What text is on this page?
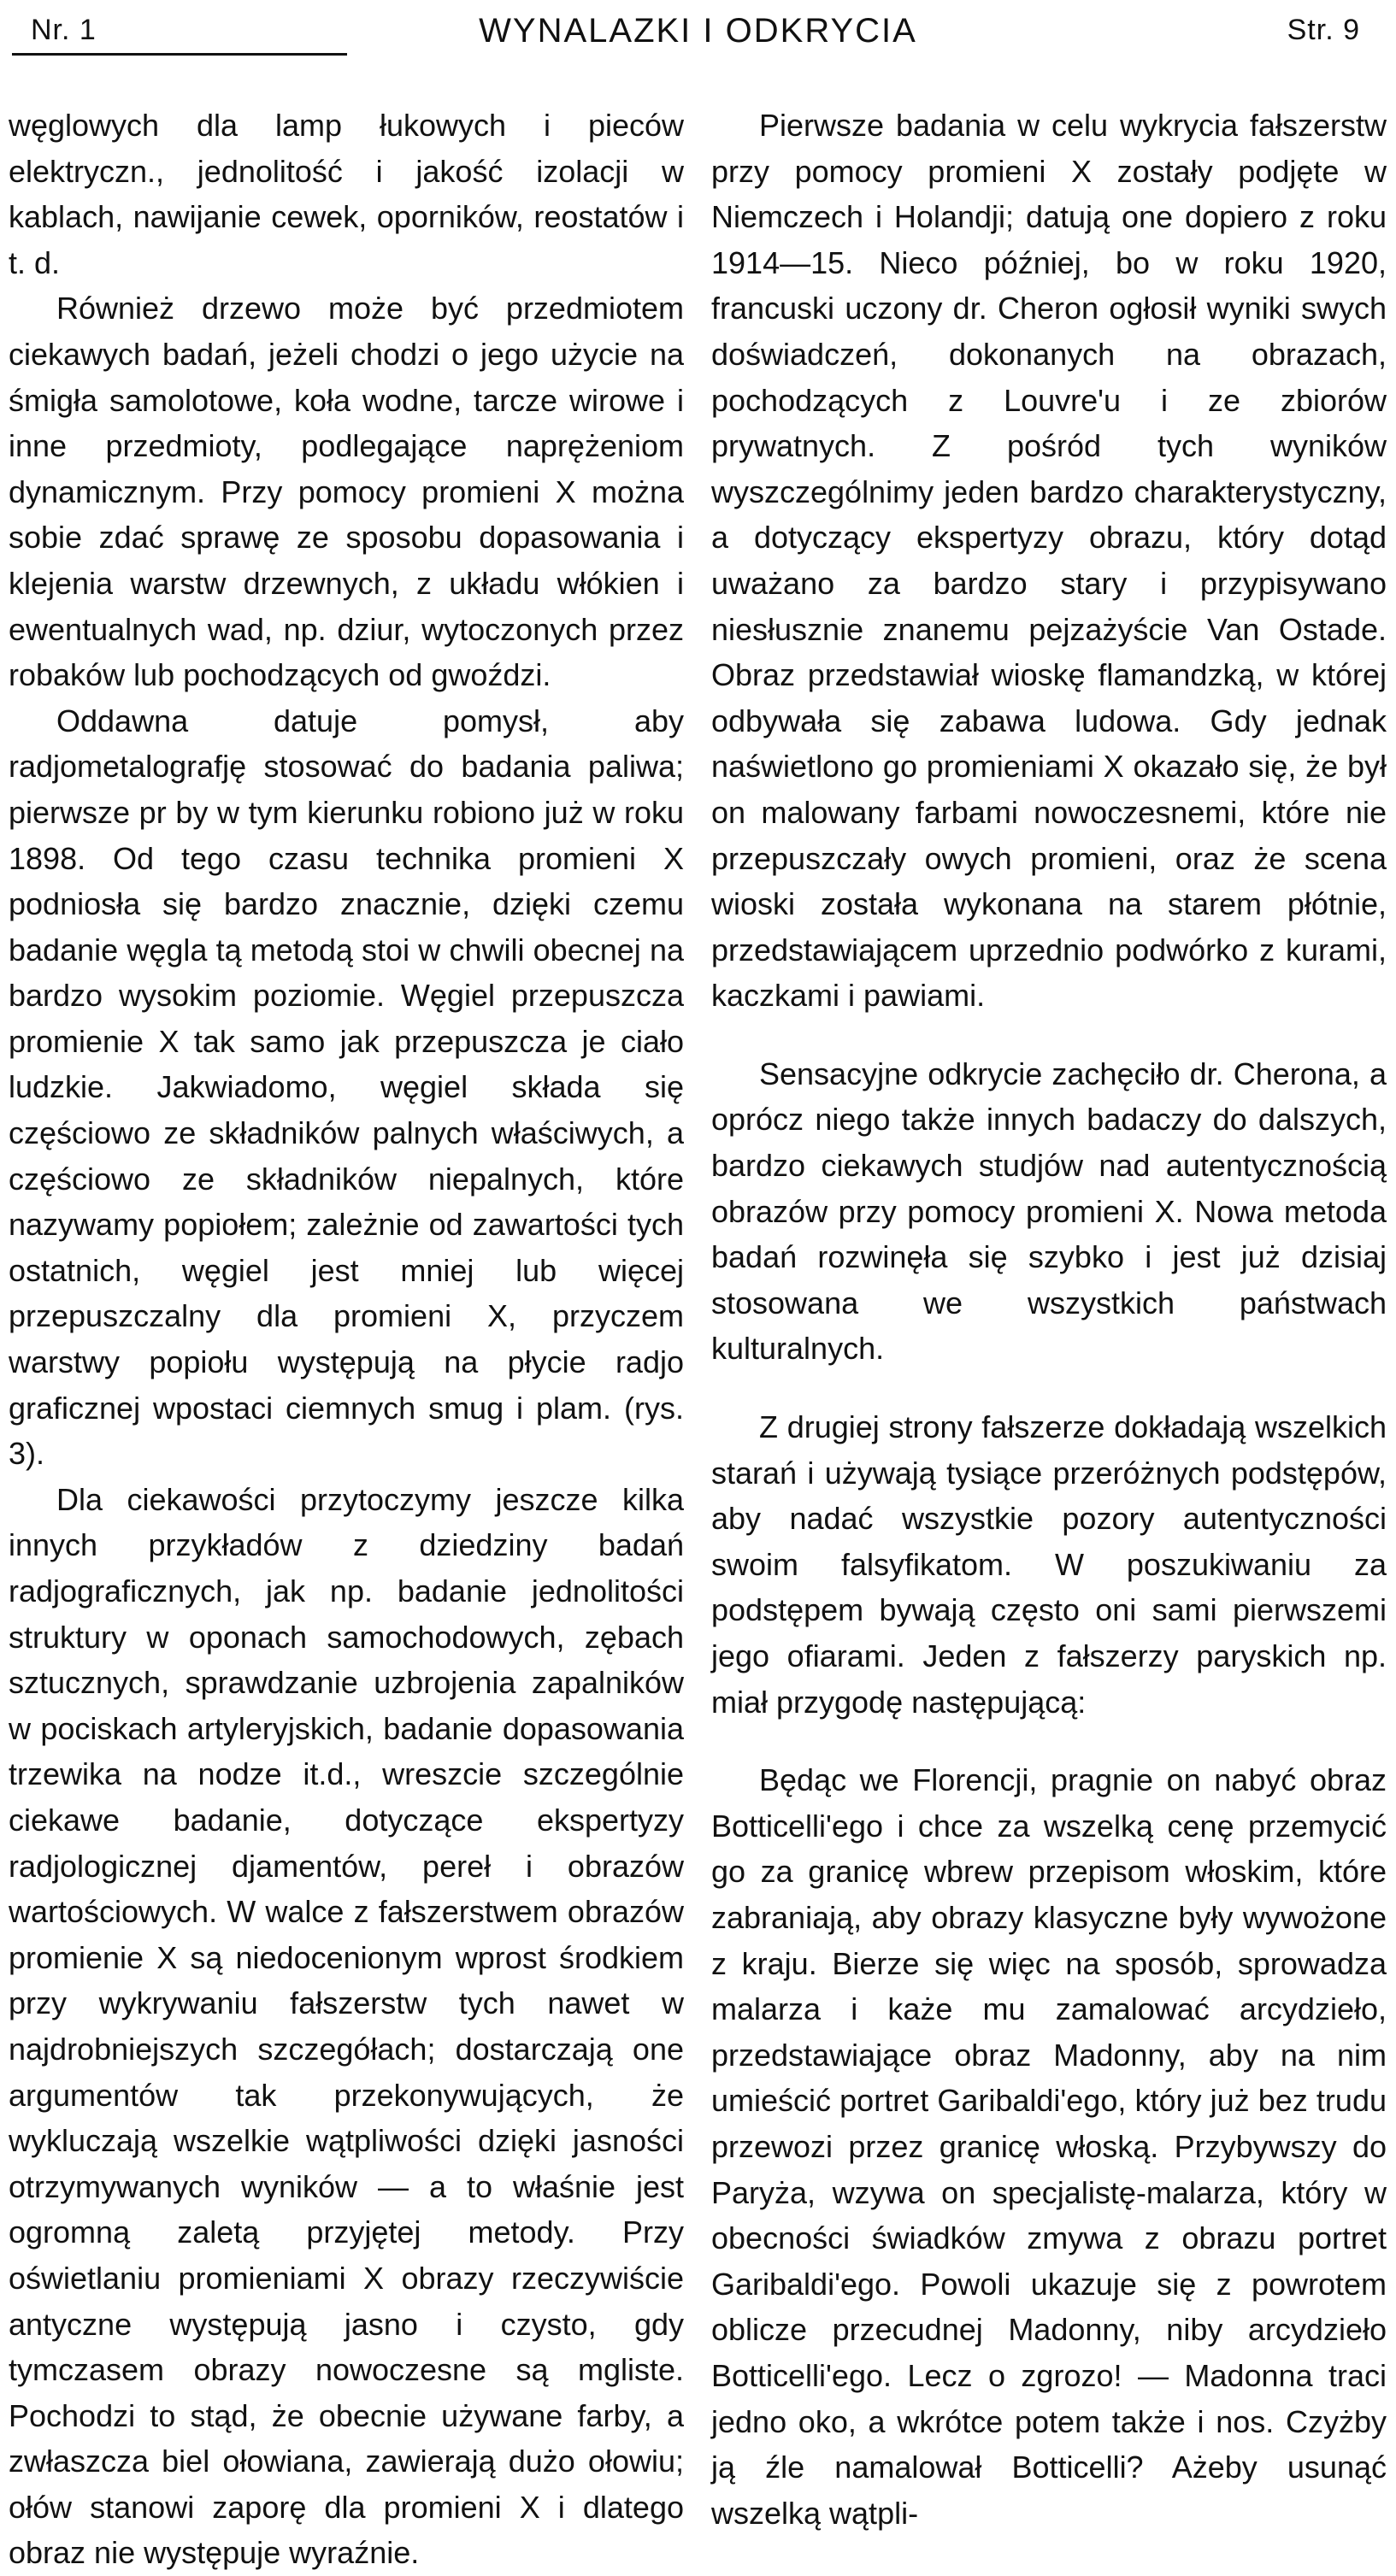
Nr. 1	WYNALAZKI I ODKRYCIA	Str. 9

węglowych dla lamp łukowych i pieców elektryczn., jednolitość i jakość izolacji w kablach, nawijanie cewek, oporników, reostatów i t. d.

Również drzewo może być przedmiotem ciekawych badań, jeżeli chodzi o jego użycie na śmigła samolotowe, koła wodne, tarcze wirowe i inne przedmioty, podlegające naprężeniom dynamicznym. Przy pomocy promieni X można sobie zdać sprawę ze sposobu dopasowania i klejenia warstw drzewnych, z układu włókien i ewentualnych wad, np. dziur, wytoczonych przez robaków lub pochodzących od gwoździ.

Oddawna datuje pomysł, aby radjometalografję stosować do badania paliwa; pierwsze pr by w tym kierunku robiono już w roku 1898. Od tego czasu technika promieni X podniosła się bardzo znacznie, dzięki czemu badanie węgla tą metodą stoi w chwili obecnej na bardzo wysokim poziomie. Węgiel przepuszcza promienie X tak samo jak przepuszcza je ciało ludzkie. Jakwiadomo, węgiel składa się częściowo ze składników palnych właściwych, a częściowo ze składników niepalnych, które nazywamy popiołem; zależnie od zawartości tych ostatnich, węgiel jest mniej lub więcej przepuszczalny dla promieni X, przyczem warstwy popiołu występują na płycie radjo graficznej wpostaci ciemnych smug i plam. (rys. 3).

Dla ciekawości przytoczymy jeszcze kilka innych przykładów z dziedziny badań radjograficznych, jak np. badanie jednolitości struktury w oponach samochodowych, zębach sztucznych, sprawdzanie uzbrojenia zapalników w pociskach artyleryjskich, badanie dopasowania trzewika na nodze it.d., wreszcie szczególnie ciekawe badanie, dotyczące ekspertyzy radjologicznej djamentów, pereł i obrazów wartościowych. W walce z fałszerstwem obrazów promienie X są niedocenionym wprost środkiem przy wykrywaniu fałszerstw tych nawet w najdrobniejszych szczegółach; dostarczają one argumentów tak przekonywujących, że wykluczają wszelkie wątpliwości dzięki jasności otrzymywanych wyników — a to właśnie jest ogromną zaletą przyjętej metody. Przy oświetlaniu promieniami X obrazy rzeczywiście antyczne występują jasno i czysto, gdy tymczasem obrazy nowoczesne są mgliste. Pochodzi to stąd, że obecnie używane farby, a zwłaszcza biel ołowiana, zawierają dużo ołowiu; ołów stanowi zaporę dla promieni X i dlatego obraz nie występuje wyraźnie.

Pierwsze badania w celu wykrycia fałszerstw przy pomocy promieni X zostały podjęte w Niemczech i Holandji; datują one dopiero z roku 1914—15. Nieco później, bo w roku 1920, francuski uczony dr. Cheron ogłosił wyniki swych doświadczeń, dokonanych na obrazach, pochodzących z Louvre'u i ze zbiorów prywatnych. Z pośród tych wyników wyszczególnimy jeden bardzo charakterystyczny, a dotyczący ekspertyzy obrazu, który dotąd uważano za bardzo stary i przypisywano niesłusznie znanemu pejzażyście Van Ostade. Obraz przedstawiał wioskę flamandzką, w której odbywała się zabawa ludowa. Gdy jednak naświetlono go promieniami X okazało się, że był on malowany farbami nowoczesnemi, które nie przepuszczały owych promieni, oraz że scena wioski została wykonana na starem płótnie, przedstawiającem uprzednio podwórko z kurami, kaczkami i pawiami.

Sensacyjne odkrycie zachęciło dr. Cherona, a oprócz niego także innych badaczy do dalszych, bardzo ciekawych studjów nad autentycznością obrazów przy pomocy promieni X. Nowa metoda badań rozwinęła się szybko i jest już dzisiaj stosowana we wszystkich państwach kulturalnych.

Z drugiej strony fałszerze dokładają wszelkich starań i używają tysiące przeróżnych podstępów, aby nadać wszystkie pozory autentyczności swoim falsyfikatom. W poszukiwaniu za podstępem bywają często oni sami pierwszemi jego ofiarami. Jeden z fałszerzy paryskich np. miał przygodę następującą:

Będąc we Florencji, pragnie on nabyć obraz Botticelli'ego i chce za wszelką cenę przemycić go za granicę wbrew przepisom włoskim, które zabraniają, aby obrazy klasyczne były wywożone z kraju. Bierze się więc na sposób, sprowadza malarza i każe mu zamalować arcydzieło, przedstawiające obraz Madonny, aby na nim umieścić portret Garibaldi'ego, który już bez trudu przewozi przez granicę włoską. Przybywszy do Paryża, wzywa on specjalistę-malarza, który w obecności świadków zmywa z obrazu portret Garibaldi'ego. Powoli ukazuje się z powrotem oblicze przecudnej Madonny, niby arcydzieło Botticelli'ego. Lecz o zgrozo! — Madonna traci jedno oko, a wkrótce potem także i nos. Czyżby ją źle namalował Botticelli? Ażeby usunąć wszelką wątpli-
